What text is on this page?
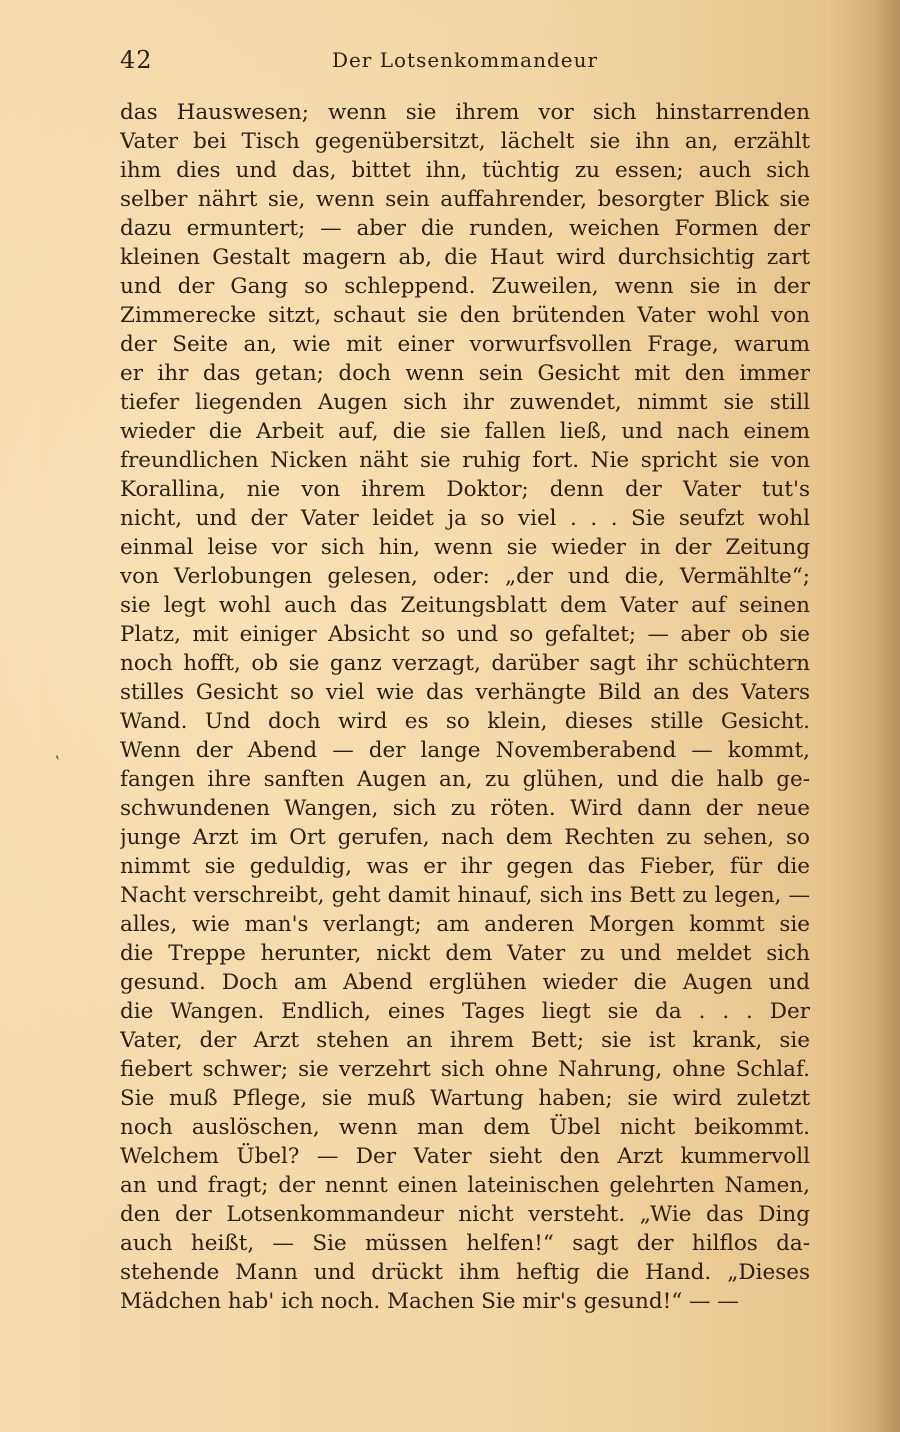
42	Der Lotsenkommandeur
‛
das Hauswesen; wenn sie ihrem vor sich hinstarrenden
Vater bei Tisch gegenübersitzt, lächelt sie ihn an, erzählt
ihm dies und das, bittet ihn, tüchtig zu essen; auch sich
selber nährt sie, wenn sein auffahrender, besorgter Blick sie
dazu ermuntert; — aber die runden, weichen Formen der
kleinen Gestalt magern ab, die Haut wird durchsichtig zart
und der Gang so schleppend. Zuweilen, wenn sie in der
Zimmerecke sitzt, schaut sie den brütenden Vater wohl von
der Seite an, wie mit einer vorwurfsvollen Frage, warum
er ihr das getan; doch wenn sein Gesicht mit den immer
tiefer liegenden Augen sich ihr zuwendet, nimmt sie still
wieder die Arbeit auf, die sie fallen ließ, und nach einem
freundlichen Nicken näht sie ruhig fort. Nie spricht sie von
Korallina, nie von ihrem Doktor; denn der Vater tut's
nicht, und der Vater leidet ja so viel . . . Sie seufzt wohl
einmal leise vor sich hin, wenn sie wieder in der Zeitung
von Verlobungen gelesen, oder: „der und die, Vermählte“;
sie legt wohl auch das Zeitungsblatt dem Vater auf seinen
Platz, mit einiger Absicht so und so gefaltet; — aber ob sie
noch hofft, ob sie ganz verzagt, darüber sagt ihr schüchtern
stilles Gesicht so viel wie das verhängte Bild an des Vaters
Wand. Und doch wird es so klein, dieses stille Gesicht.
Wenn der Abend — der lange Novemberabend — kommt,
fangen ihre sanften Augen an, zu glühen, und die halb ge-
schwundenen Wangen, sich zu röten. Wird dann der neue
junge Arzt im Ort gerufen, nach dem Rechten zu sehen, so
nimmt sie geduldig, was er ihr gegen das Fieber, für die
Nacht verschreibt, geht damit hinauf, sich ins Bett zu legen, —
alles, wie man's verlangt; am anderen Morgen kommt sie
die Treppe herunter, nickt dem Vater zu und meldet sich
gesund. Doch am Abend erglühen wieder die Augen und
die Wangen. Endlich, eines Tages liegt sie da . . . Der
Vater, der Arzt stehen an ihrem Bett; sie ist krank, sie
fiebert schwer; sie verzehrt sich ohne Nahrung, ohne Schlaf.
Sie muß Pflege, sie muß Wartung haben; sie wird zuletzt
noch auslöschen, wenn man dem Übel nicht beikommt.
Welchem Übel? — Der Vater sieht den Arzt kummervoll
an und fragt; der nennt einen lateinischen gelehrten Namen,
den der Lotsenkommandeur nicht versteht. „Wie das Ding
auch heißt, — Sie müssen helfen!“ sagt der hilflos da-
stehende Mann und drückt ihm heftig die Hand. „Dieses
Mädchen hab' ich noch. Machen Sie mir's gesund!“ — —
